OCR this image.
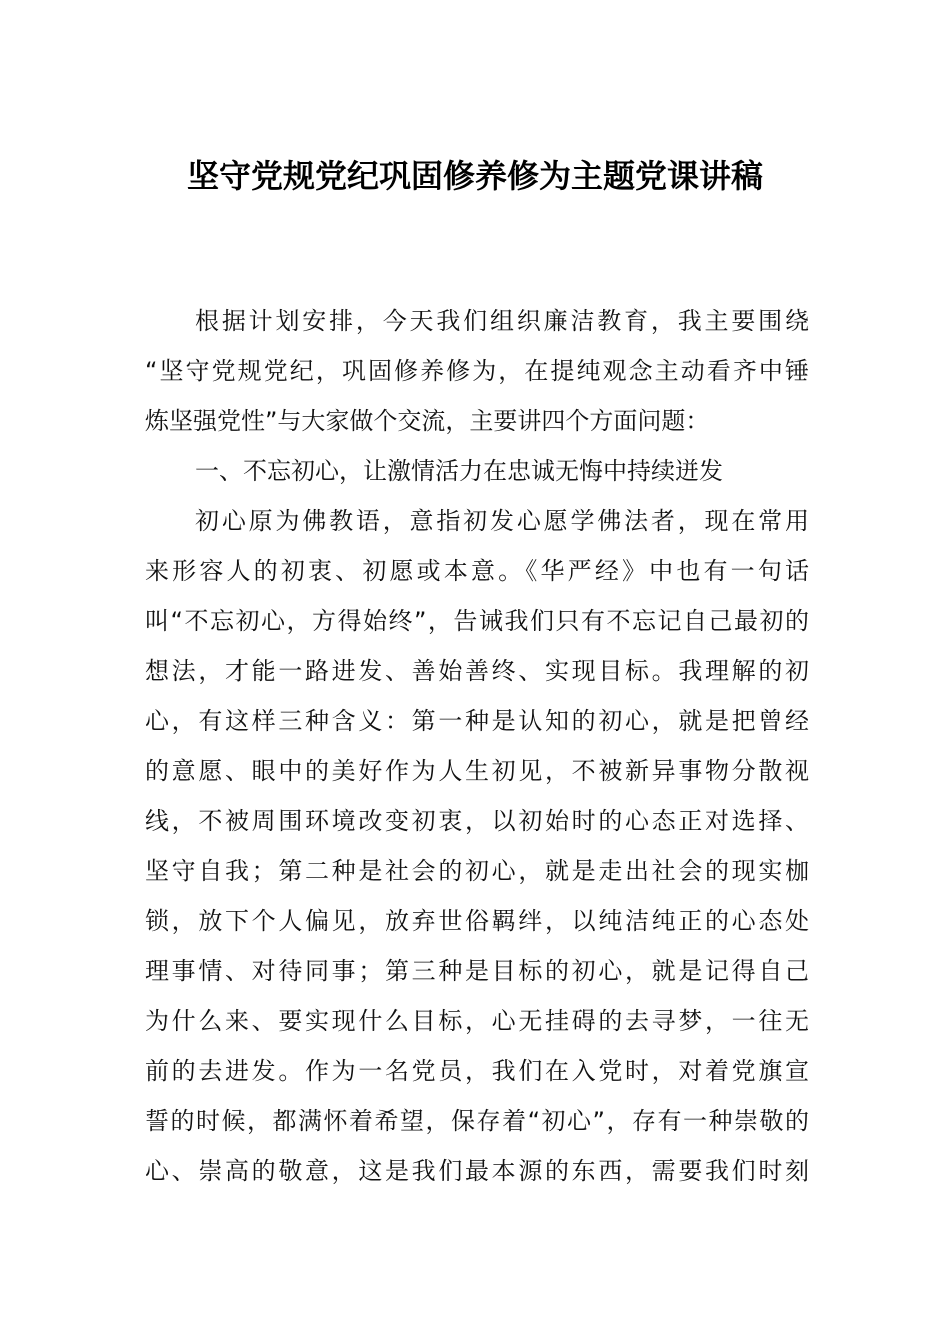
坚守党规党纪巩固修养修为主题党课讲稿
根据计划安排，今天我们组织廉洁教育，我主要围绕
“坚守党规党纪，巩固修养修为，在提纯观念主动看齐中锤
炼坚强党性”与大家做个交流，主要讲四个方面问题：
一、不忘初心，让激情活力在忠诚无悔中持续迸发
初心原为佛教语，意指初发心愿学佛法者，现在常用
来形容人的初衷、初愿或本意。《华严经》中也有一句话
叫“不忘初心，方得始终”，告诫我们只有不忘记自己最初的
想法，才能一路进发、善始善终、实现目标。我理解的初
心，有这样三种含义：第一种是认知的初心，就是把曾经
的意愿、眼中的美好作为人生初见，不被新异事物分散视
线，不被周围环境改变初衷，以初始时的心态正对选择、
坚守自我；第二种是社会的初心，就是走出社会的现实枷
锁，放下个人偏见，放弃世俗羁绊，以纯洁纯正的心态处
理事情、对待同事；第三种是目标的初心，就是记得自己
为什么来、要实现什么目标，心无挂碍的去寻梦，一往无
前的去进发。作为一名党员，我们在入党时，对着党旗宣
誓的时候，都满怀着希望，保存着“初心”，存有一种崇敬的
心、崇高的敬意，这是我们最本源的东西，需要我们时刻
